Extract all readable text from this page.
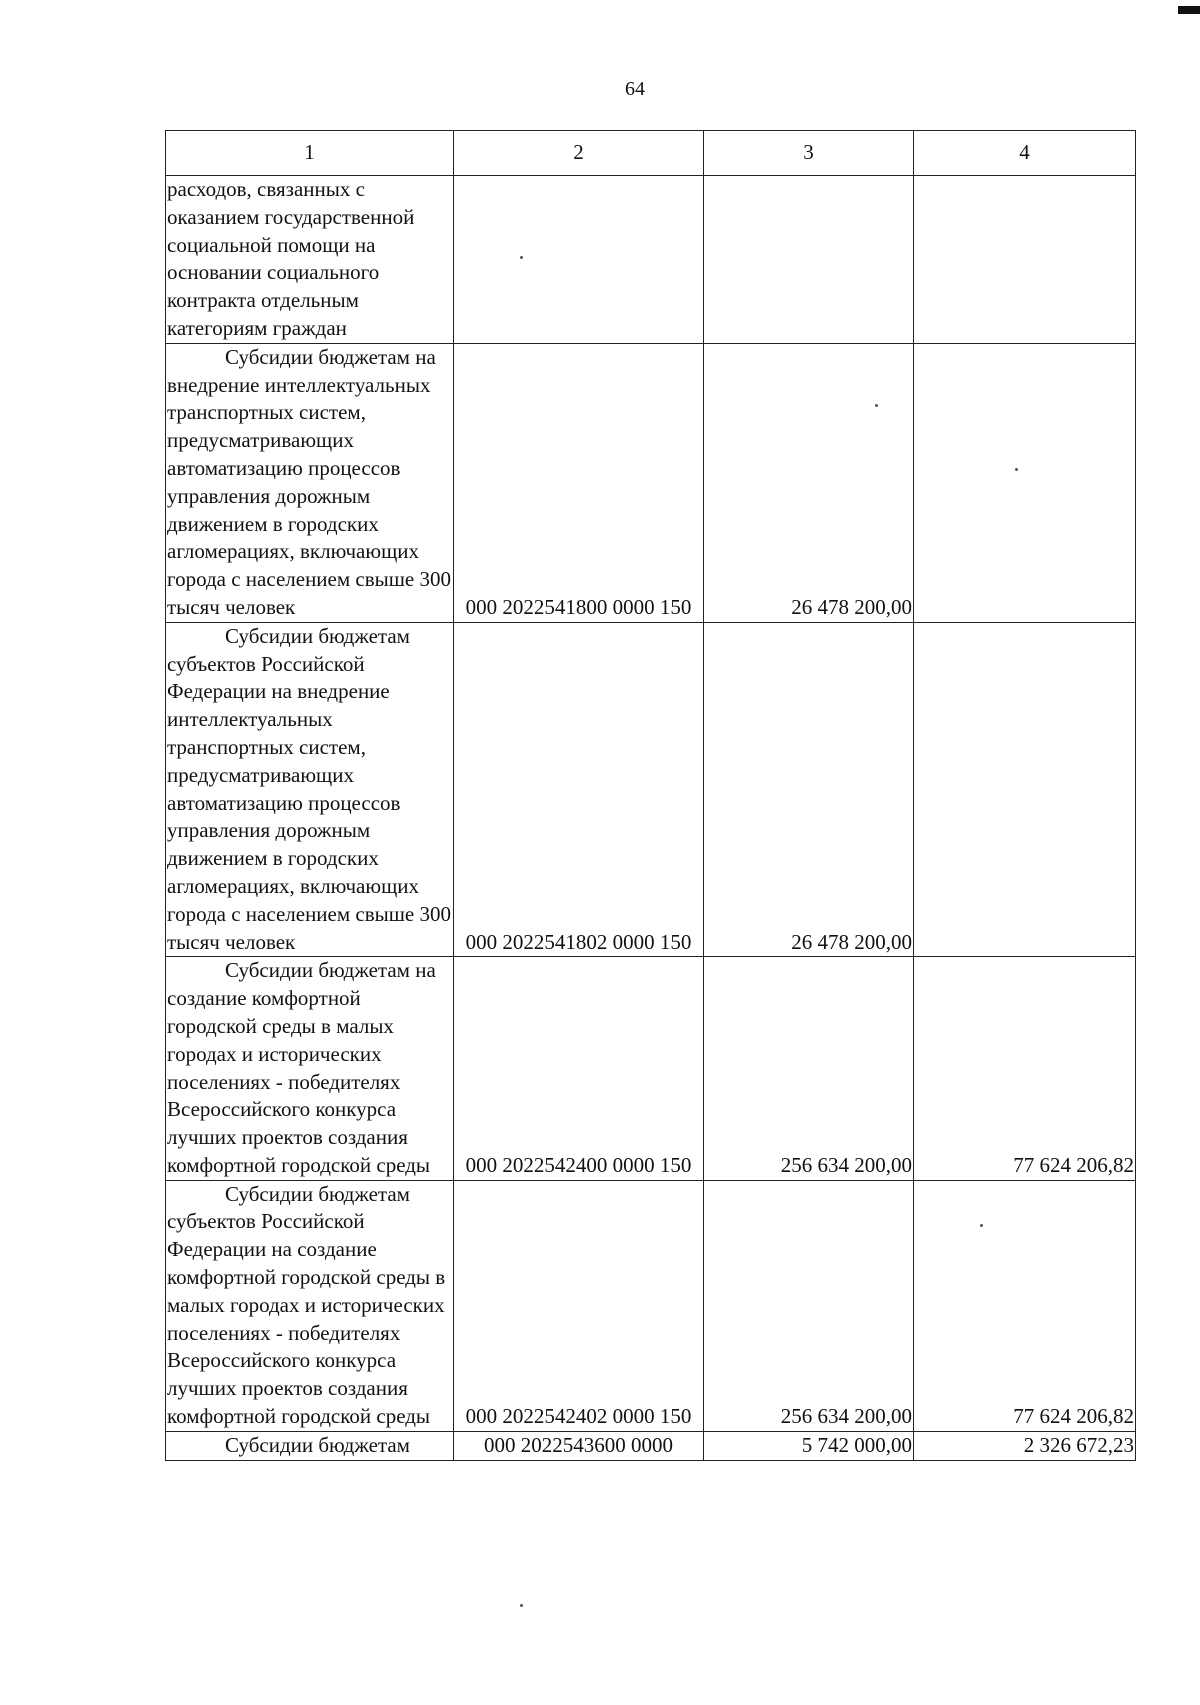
64
1	2	3	4
расходов, связанных с оказанием государственной социальной помощи на основании социального контракта отдельным категориям граждан			

Субсидии бюджетам на внедрение интеллектуальных транспортных систем, предусматривающих автоматизацию процессов управления дорожным движением в городских агломерациях, включающих города с населением свыше 300 тысяч человек	000 2022541800 0000 150	26 478 200,00	

Субсидии бюджетам субъектов Российской Федерации на внедрение интеллектуальных транспортных систем, предусматривающих автоматизацию процессов управления дорожным движением в городских агломерациях, включающих города с населением свыше 300 тысяч человек	000 2022541802 0000 150	26 478 200,00	

Субсидии бюджетам на создание комфортной городской среды в малых городах и исторических поселениях - победителях Всероссийского конкурса лучших проектов создания комфортной городской среды	000 2022542400 0000 150	256 634 200,00	77 624 206,82

Субсидии бюджетам субъектов Российской Федерации на создание комфортной городской среды в малых городах и исторических поселениях - победителях Всероссийского конкурса лучших проектов создания комфортной городской среды	000 2022542402 0000 150	256 634 200,00	77 624 206,82

Субсидии бюджетам	000 2022543600 0000	5 742 000,00	2 326 672,23
